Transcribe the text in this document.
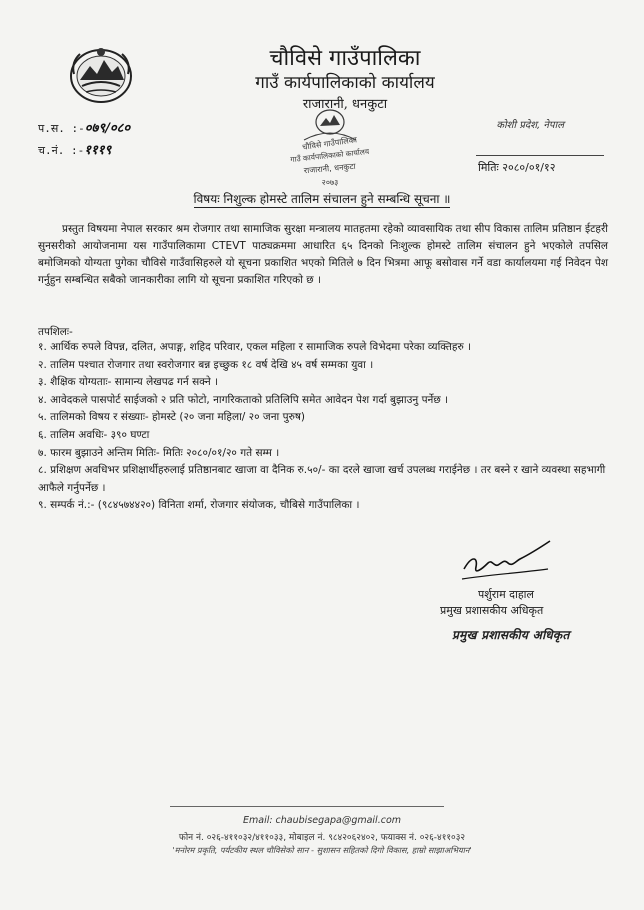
चौविसे गाउँपालिका
गाउँ कार्यपालिकाको कार्यालय
राजारानी, धनकुटा
कोशी प्रदेश, नेपाल
प.स. :-०७९/०८०
च.नं. :-१११९	चौविसे गाउँपालिका
गाउँ कार्यपालिकाको कार्यालय
राजारानी, धनकुटा
२०७३
मितिः २०८०/०१/१२
विषयः निशुल्क होमस्टे तालिम संचालन हुने सम्बन्धि सूचना ॥
प्रस्तुत विषयमा नेपाल सरकार श्रम रोजगार तथा सामाजिक सुरक्षा मन्त्रालय मातहतमा रहेको व्यावसायिक तथा सीप विकास तालिम प्रतिष्ठान ईटहरी सुनसरीको आयोजनामा यस गाउँपालिकामा CTEVT पाठ्यक्रममा आधारित ६५ दिनको निःशुल्क होमस्टे तालिम संचालन हुने भएकोले तपसिल बमोजिमको योग्यता पुगेका चौविसे गाउँवासिहरुले यो सूचना प्रकाशित भएको मितिले ७ दिन भित्रमा आफू बसोवास गर्ने वडा कार्यालयमा गई निवेदन पेश गर्नुहुन सम्बन्धित सबैको जानकारीका लागि यो सूचना प्रकाशित गरिएको छ ।
तपशिलः-
१. आर्थिक रुपले विपन्न, दलित, अपाङ्ग, शहिद परिवार, एकल महिला र सामाजिक रुपले विभेदमा परेका व्यक्तिहरु ।
२. तालिम पश्चात रोजगार तथा स्वरोजगार बन्न इच्छुक १८ वर्ष देखि ४५ वर्ष सम्मका युवा ।
३. शैक्षिक योग्यताः- सामान्य लेखपढ गर्न सक्ने ।
४. आवेदकले पासपोर्ट साईजको २ प्रति फोटो, नागरिकताको प्रतिलिपि समेत आवेदन पेश गर्दा बुझाउनु पर्नेछ ।
५. तालिमको विषय र संख्याः- होमस्टे (२० जना महिला/ २० जना पुरुष)
६. तालिम अवधिः- ३९० घण्टा
७. फारम बुझाउने अन्तिम मितिः- मितिः २०८०/०१/२० गते सम्म ।
८. प्रशिक्षण अवधिभर प्रशिक्षार्थीहरुलाई प्रतिष्ठानबाट खाजा वा दैनिक रु.५०/- का दरले खाजा खर्च उपलब्ध गराईनेछ । तर बस्ने र खाने व्यवस्था सहभागी आफैले गर्नुपर्नेछ ।
९. सम्पर्क नं.:- (९८४५७४४२०) विनिता शर्मा, रोजगार संयोजक, चौबिसे गाउँपालिका ।
पर्शुराम दाहाल
प्रमुख प्रशासकीय अधिकृत
प्रमुख प्रशासकीय अधिकृत
Email: chaubisegapa@gmail.com
फोन नं. ०२६-४११०३२/४११०३३, मोबाइल नं. ९८४२०६२४०२, फयाक्स नं. ०२६-४११०३२
'मनोरम प्रकृति, पर्यटकीय स्थल चौविसेको सान - सुशासन सहितको दिगो विकास, हाम्रो साझाअभियान'
